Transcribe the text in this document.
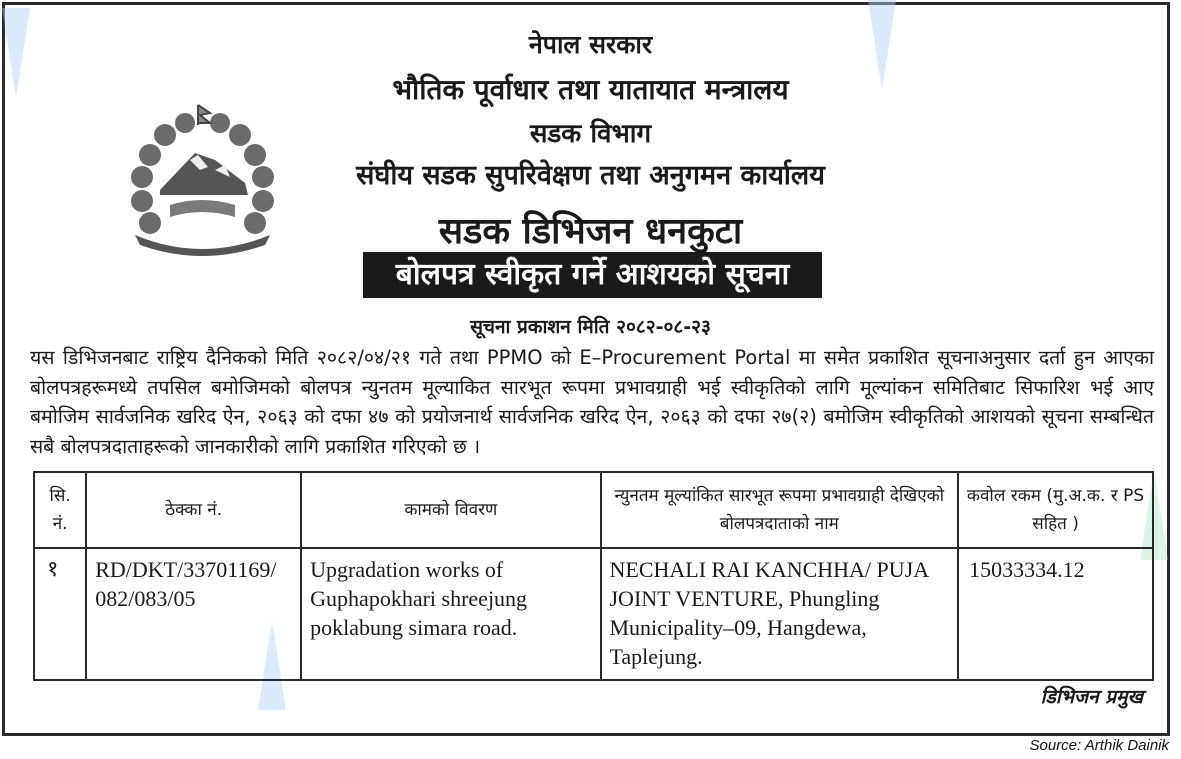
नेपाल सरकार
भौतिक पूर्वाधार तथा यातायात मन्त्रालय
सडक विभाग
संघीय सडक सुपरिवेक्षण तथा अनुगमन कार्यालय
सडक डिभिजन धनकुटा
बोलपत्र स्वीकृत गर्ने आशयको सूचना
सूचना प्रकाशन मिति २०८२-०८-२३
यस डिभिजनबाट राष्ट्रिय दैनिकको मिति २०८२/०४/२१ गते तथा PPMO को E–Procurement Portal मा समेत प्रकाशित सूचनाअनुसार दर्ता हुन आएका बोलपत्रहरूमध्ये तपसिल बमोजिमको बोलपत्र न्युनतम मूल्याकित सारभूत रूपमा प्रभावग्राही भई स्वीकृतिको लागि मूल्यांकन समितिबाट सिफारिश भई आए बमोजिम सार्वजनिक खरिद ऐन, २०६३ को दफा ४७ को प्रयोजनार्थ सार्वजनिक खरिद ऐन, २०६३ को दफा २७(२) बमोजिम स्वीकृतिको आशयको सूचना सम्बन्धित सबै बोलपत्रदाताहरूको जानकारीको लागि प्रकाशित गरिएको छ ।
सि. नं.	ठेक्का नं.	कामको विवरण	न्युनतम मूल्यांकित सारभूत रूपमा प्रभावग्राही देखिएको बोलपत्रदाताको नाम	कवोल रकम (मु.अ.क. र PS सहित )
१	RD/DKT/33701169/ 082/083/05	Upgradation works of Guphapokhari shreejung poklabung simara road.	NECHALI RAI KANCHHA/ PUJA JOINT VENTURE, Phungling Municipality–09, Hangdewa, Taplejung.	15033334.12
डिभिजन प्रमुख
Source: Arthik Dainik
